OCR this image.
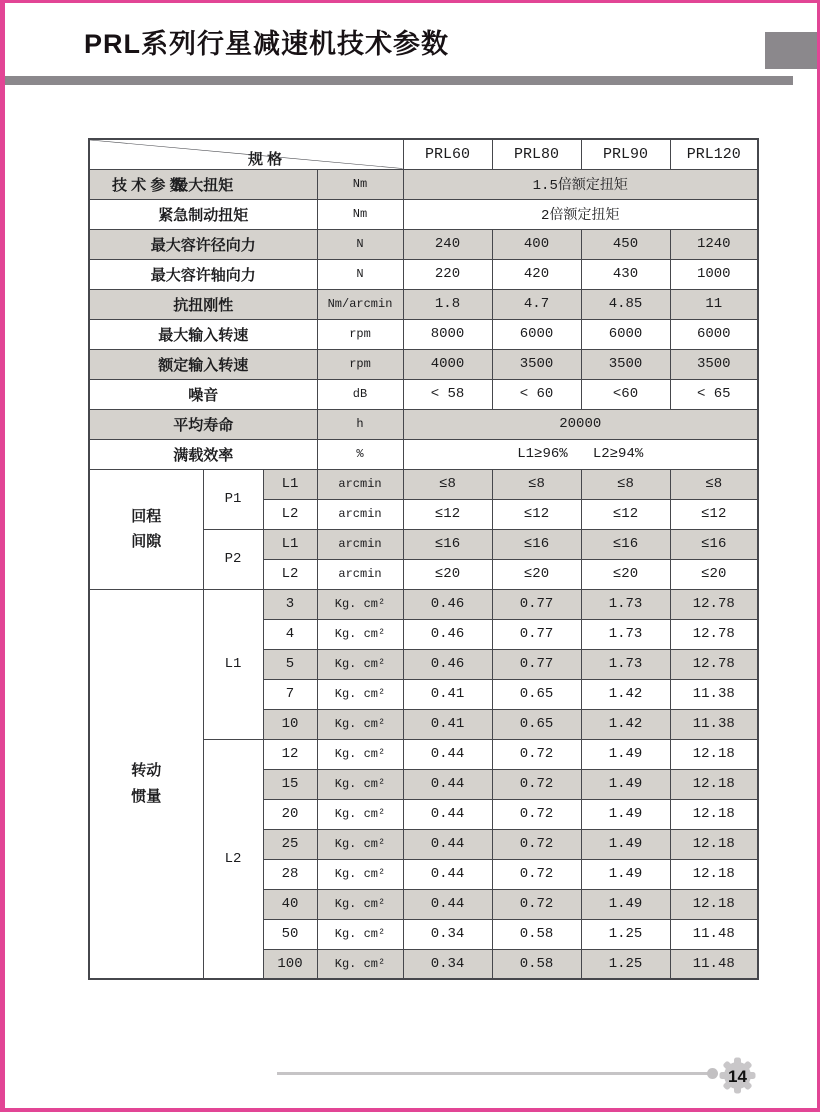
PRL系列行星减速机技术参数
规 格
技 术 参 数				PRL60	PRL80	PRL90	PRL120
最大扭矩			Nm	1.5倍额定扭矩			
紧急制动扭矩			Nm	2倍额定扭矩			
最大容许径向力			N	240	400	450	1240
最大容许轴向力			N	220	420	430	1000
抗扭刚性			Nm/arcmin	1.8	4.7	4.85	11
最大输入转速			rpm	8000	6000	6000	6000
额定输入转速			rpm	4000	3500	3500	3500
噪音			dB	< 58	< 60	<60	< 65
平均寿命			h	20000			
满载效率			%	L1≥96%   L2≥94%			

回程
间隙	P1	L1	arcmin	≤8	≤8	≤8	≤8
		L2	arcmin	≤12	≤12	≤12	≤12
	P2	L1	arcmin	≤16	≤16	≤16	≤16
		L2	arcmin	≤20	≤20	≤20	≤20

转动
惯量	L1	3	Kg. cm²	0.46	0.77	1.73	12.78
		4	Kg. cm²	0.46	0.77	1.73	12.78
		5	Kg. cm²	0.46	0.77	1.73	12.78
		7	Kg. cm²	0.41	0.65	1.42	11.38
		10	Kg. cm²	0.41	0.65	1.42	11.38
	L2	12	Kg. cm²	0.44	0.72	1.49	12.18
		15	Kg. cm²	0.44	0.72	1.49	12.18
		20	Kg. cm²	0.44	0.72	1.49	12.18
		25	Kg. cm²	0.44	0.72	1.49	12.18
		28	Kg. cm²	0.44	0.72	1.49	12.18
		40	Kg. cm²	0.44	0.72	1.49	12.18
		50	Kg. cm²	0.34	0.58	1.25	11.48
		100	Kg. cm²	0.34	0.58	1.25	11.48
14
